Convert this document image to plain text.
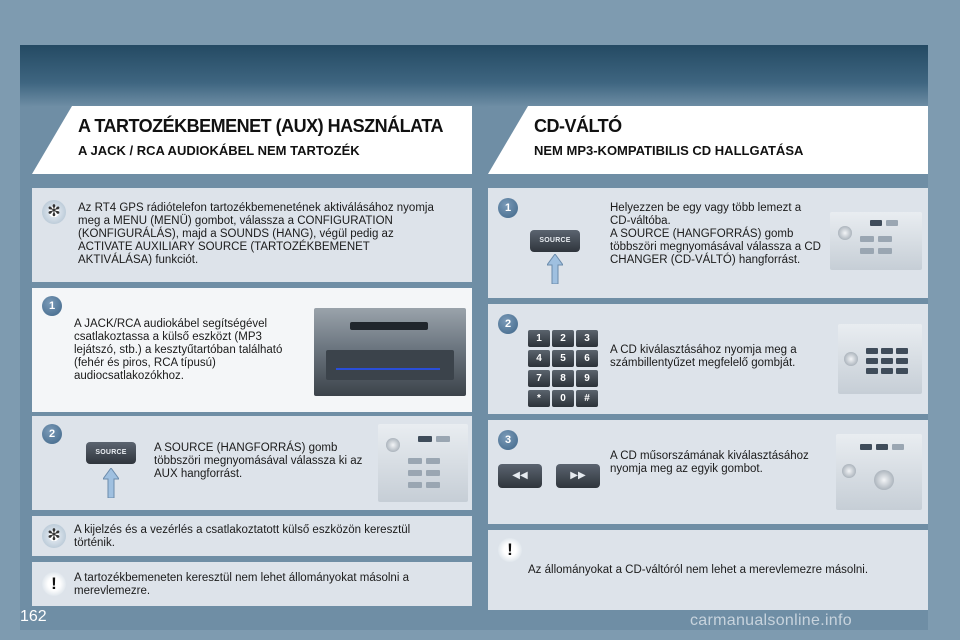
A TARTOZÉKBEMENET (AUX) HASZNÁLATA
A JACK / RCA AUDIOKÁBEL NEM TARTOZÉK
✻	Az RT4 GPS rádiótelefon tartozékbemenetének aktiválásához nyomja meg a MENU (MENÜ) gombot, válassza a CONFIGURATION (KONFIGURÁLÁS), majd a SOUNDS (HANG), végül pedig az ACTIVATE AUXILIARY SOURCE (TARTOZÉKBEMENET AKTIVÁLÁSA) funkciót.
1
A JACK/RCA audiokábel segítségével csatlakoztassa a külső eszközt (MP3 lejátszó, stb.) a kesztyűtartóban található (fehér és piros, RCA típusú) audiocsatlakozókhoz.
2
SOURCE	A SOURCE (HANGFORRÁS) gomb többszöri megnyomásával válassza ki az AUX hangforrást.
✻	A kijelzés és a vezérlés a csatlakoztatott külső eszközön keresztül történik.
!	A tartozékbemeneten keresztül nem lehet állományokat másolni a merevlemezre.
CD-VÁLTÓ
NEM MP3-KOMPATIBILIS CD HALLGATÁSA
1
SOURCE
Helyezzen be egy vagy több lemezt a CD-váltóba.
A SOURCE (HANGFORRÁS) gomb többszöri megnyomásával válassza a CD CHANGER (CD-VÁLTÓ) hangforrást.
2
1	2	3
4	5	6
7	8	9
*	0	#
A CD kiválasztásához nyomja meg a számbillentyűzet megfelelő gombját.
3
◀◀	▶▶
A CD műsorszámának kiválasztásához nyomja meg az egyik gombot.
!
Az állományokat a CD-váltóról nem lehet a merevlemezre másolni.
162	carmanualsonline.info
